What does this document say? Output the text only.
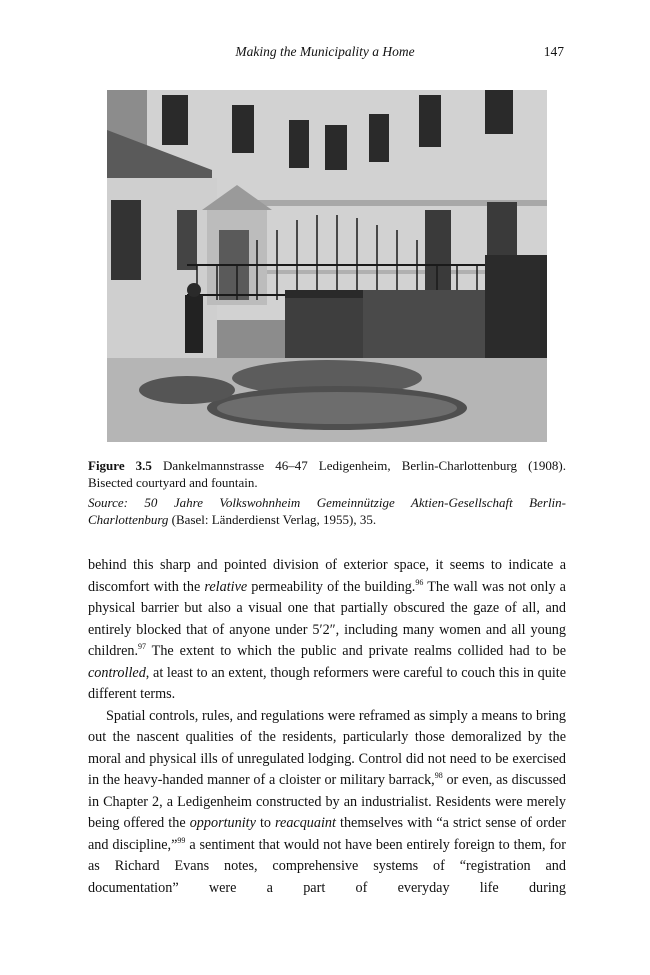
Making the Municipality a Home	147

Figure 3.5 Dankelmannstrasse 46–47 Ledigenheim, Berlin-Charlottenburg (1908). Bisected courtyard and fountain.

Source: 50 Jahre Volkswohnheim Gemeinnützige Aktien-Gesellschaft Berlin-Charlottenburg (Basel: Länderdienst Verlag, 1955), 35.

behind this sharp and pointed division of exterior space, it seems to indicate a discomfort with the relative permeability of the building.$^{96}$ The wall was not only a physical barrier but also a visual one that partially obscured the gaze of all, and entirely blocked that of anyone under 5′2″, including many women and all young children.$^{97}$ The extent to which the public and private realms collided had to be controlled, at least to an extent, though reformers were careful to couch this in quite different terms.

Spatial controls, rules, and regulations were reframed as simply a means to bring out the nascent qualities of the residents, particularly those demoralized by the moral and physical ills of unregulated lodging. Control did not need to be exercised in the heavy-handed manner of a cloister or military barrack,$^{98}$ or even, as discussed in Chapter 2, a Ledigenheim constructed by an industrialist. Residents were merely being offered the opportunity to reacquaint themselves with “a strict sense of order and discipline,”$^{99}$ a sentiment that would not have been entirely foreign to them, for as Richard Evans notes, comprehensive systems of “registration and documentation” were a part of everyday life during
